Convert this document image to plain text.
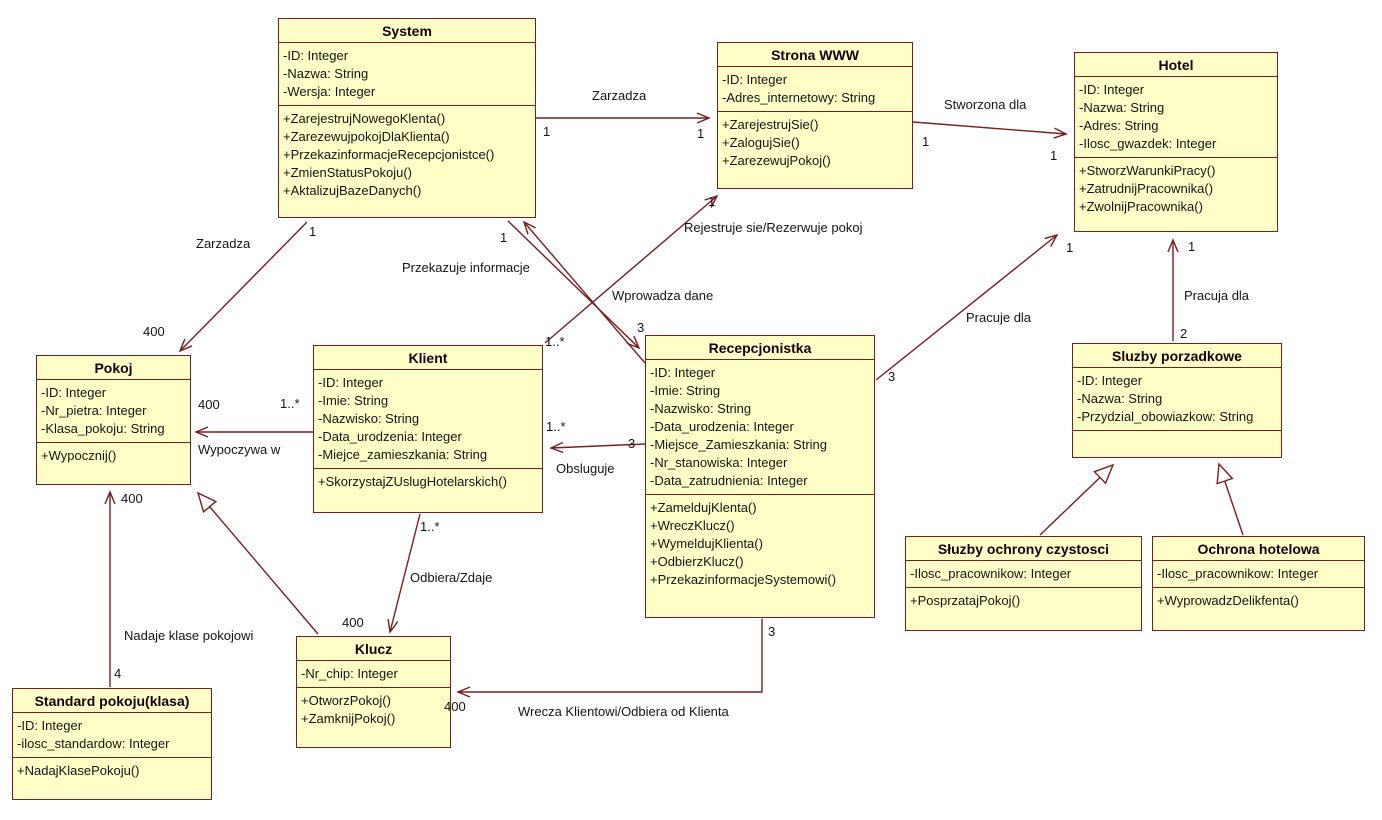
System
-ID: Integer
-Nazwa: String
-Wersja: Integer
+ZarejestrujNowegoKlenta()
+ZarezewujpokojDlaKlienta()
+PrzekazinformacjeRecepcjonistce()
+ZmienStatusPokoju()
+AktalizujBazeDanych()
Strona WWW
-ID: Integer
-Adres_internetowy: String
+ZarejestrujSie()
+ZalogujSie()
+ZarezewujPokoj()
Hotel
-ID: Integer
-Nazwa: String
-Adres: String
-Ilosc_gwazdek: Integer
+StworzWarunkiPracy()
+ZatrudnijPracownika()
+ZwolnijPracownika()
Pokoj
-ID: Integer
-Nr_pietra: Integer
-Klasa_pokoju: String
+Wypocznij()
Klient
-ID: Integer
-Imie: String
-Nazwisko: String
-Data_urodzenia: Integer
-Miejce_zamieszkania: String
+SkorzystajZUslugHotelarskich()
Recepcjonistka
-ID: Integer
-Imie: String
-Nazwisko: String
-Data_urodzenia: Integer
-Miejsce_Zamieszkania: String
-Nr_stanowiska: Integer
-Data_zatrudnienia: Integer
+ZameldujKlenta()
+WreczKlucz()
+WymeldujKlienta()
+OdbierzKlucz()
+PrzekazinformacjeSystemowi()
Sluzby porzadkowe
-ID: Integer
-Nazwa: String
-Przydzial_obowiazkow: String
Słuzby ochrony czystosci
-Ilosc_pracownikow: Integer
+PosprzatajPokoj()
Ochrona hotelowa
-Ilosc_pracownikow: Integer
+WyprowadzDelikfenta()
Klucz
-Nr_chip: Integer
+OtworzPokoj()
+ZamknijPokoj()
Standard pokoju(klasa)
-ID: Integer
-ilosc_standardow: Integer
+NadajKlasePokoju()
Zarzadza
Stworzona dla
Zarzadza
Przekazuje informacje
Wprowadza dane
Rejestruje sie/Rezerwuje pokoj
Obsluguje
Wypoczywa w
Pracuje dla
Pracuja dla
Odbiera/Zdaje
Wrecza Klientowi/Odbiera od Klienta
Nadaje klase pokojowi
1	1
1
1
1
400
1
3
1..*
1
3
1..*
1..*
400
3
1
2
1
1..*
400
3
400
4
400
